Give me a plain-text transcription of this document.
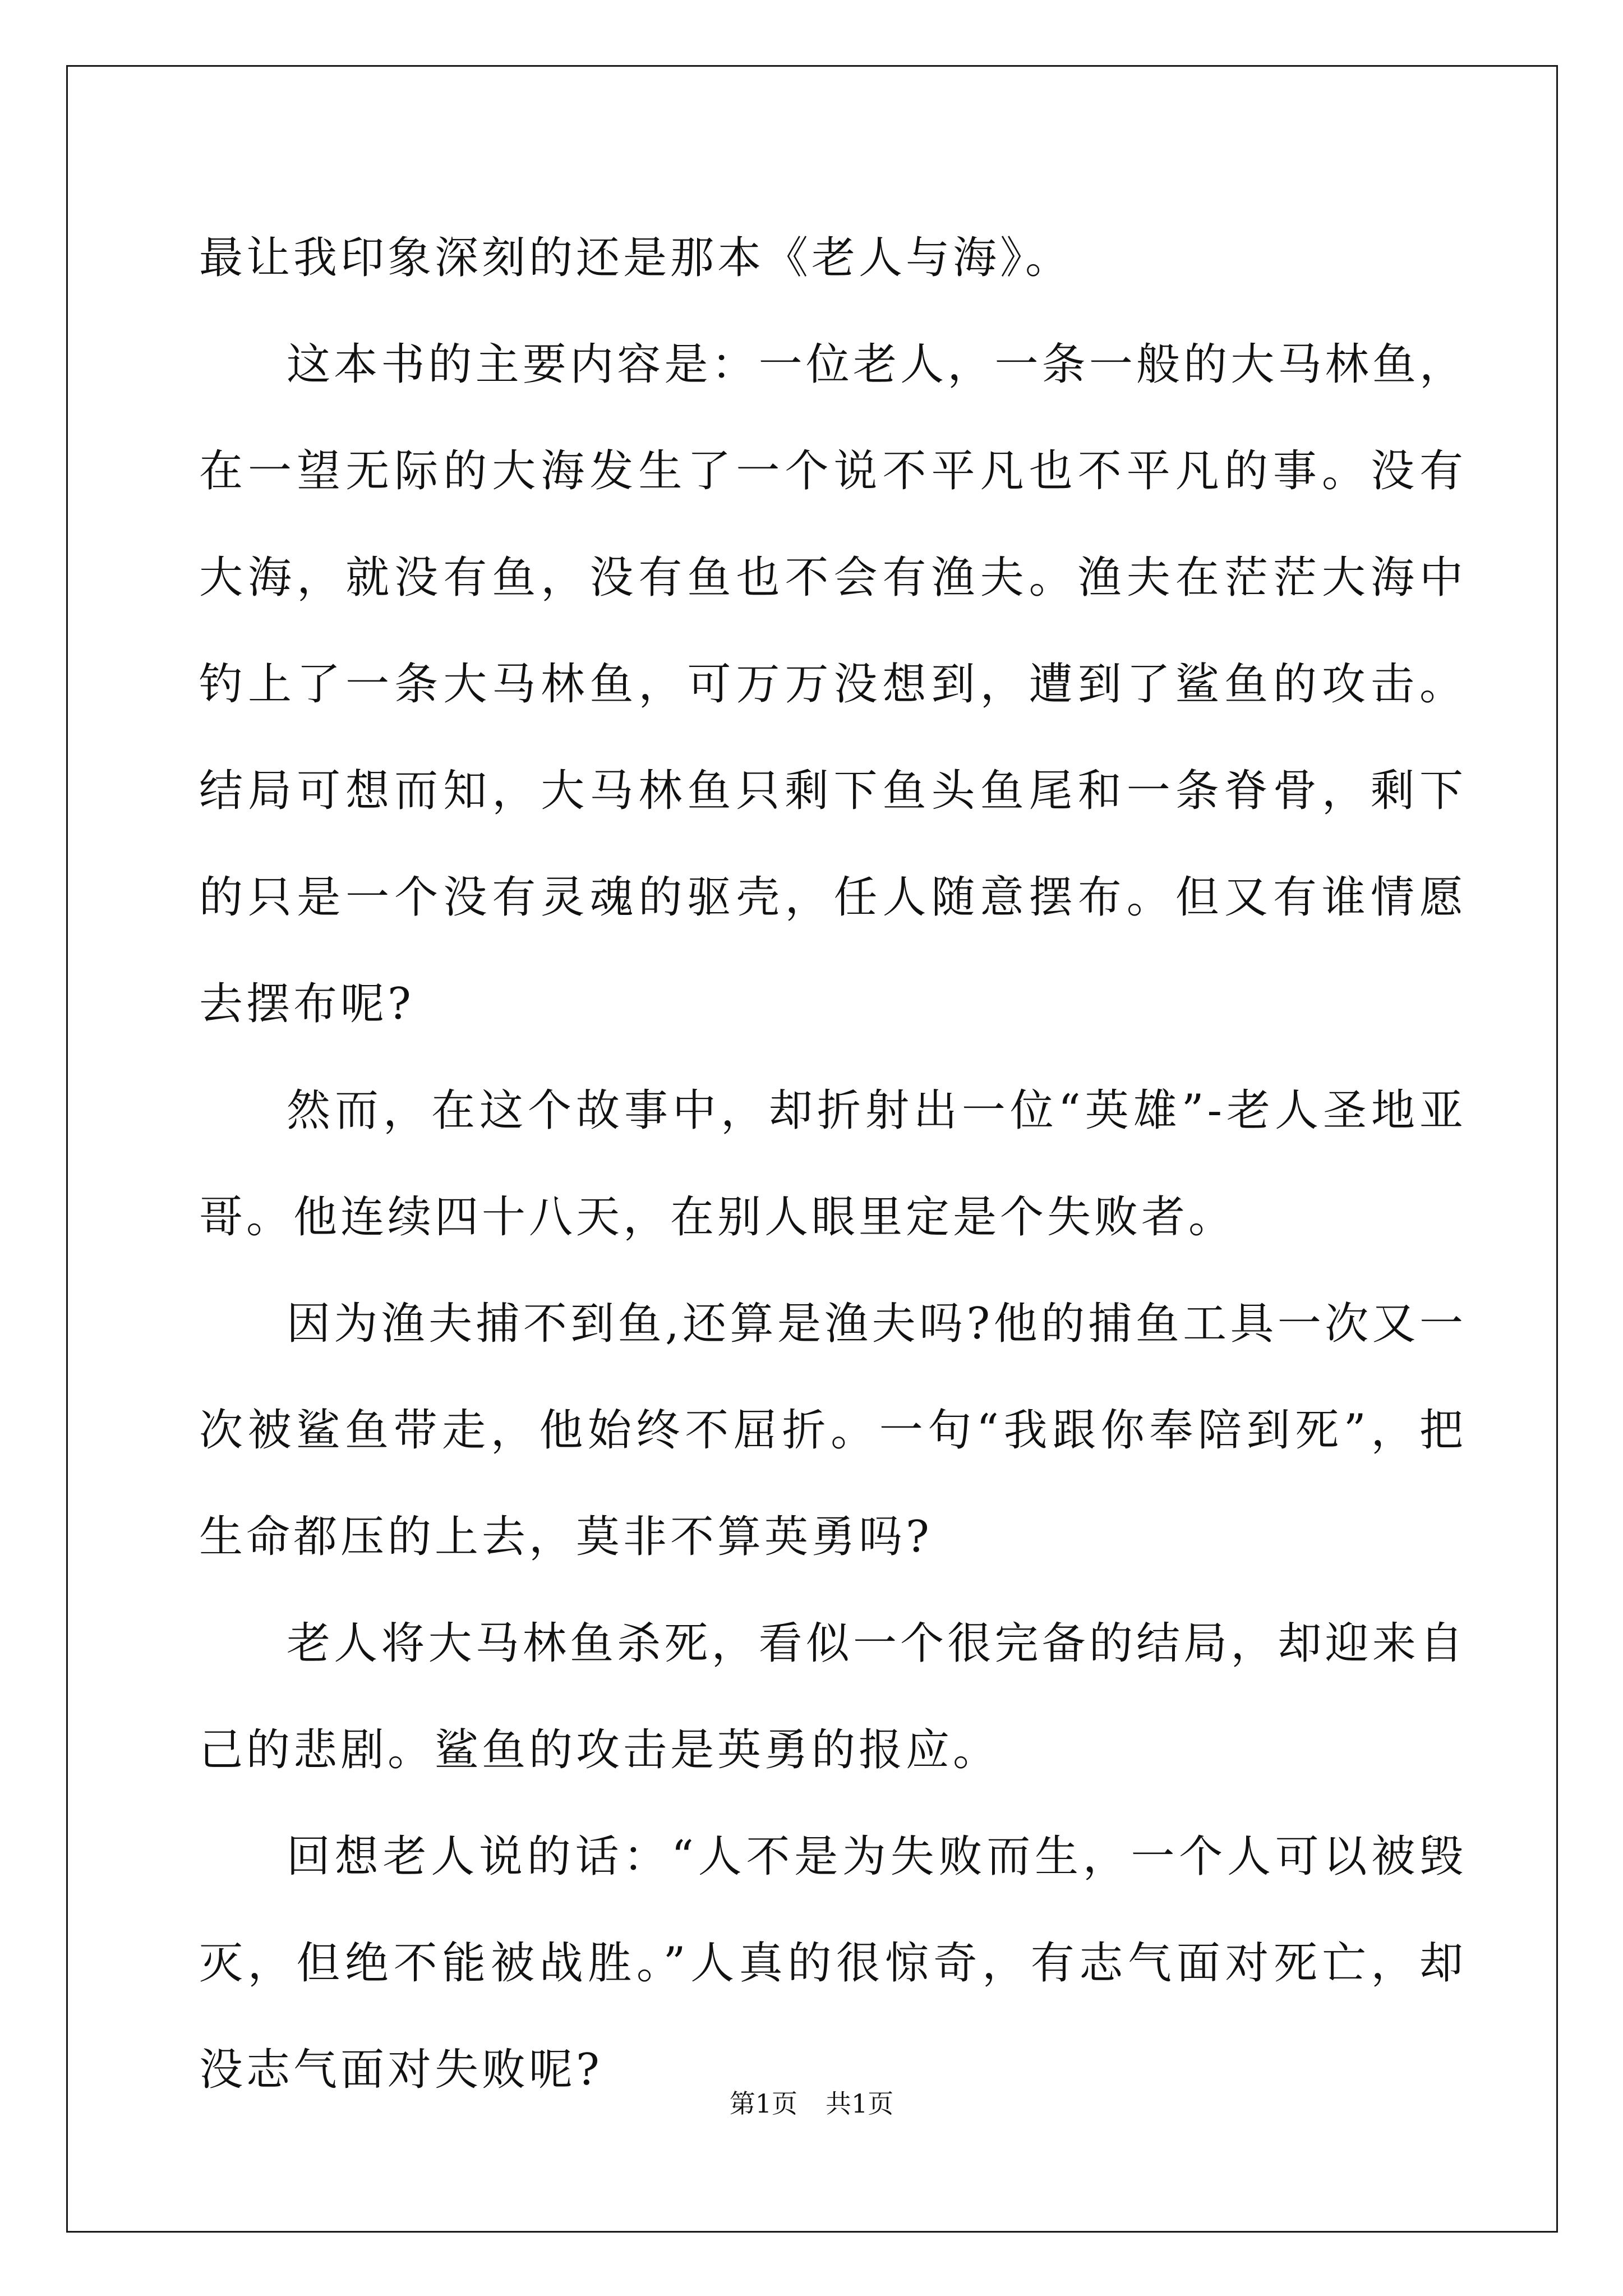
最让我印象深刻的还是那本《老人与海》。

这本书的主要内容是：一位老人，一条一般的大马林鱼，在一望无际的大海发生了一个说不平凡也不平凡的事。没有大海，就没有鱼，没有鱼也不会有渔夫。渔夫在茫茫大海中钓上了一条大马林鱼，可万万没想到，遭到了鲨鱼的攻击。结局可想而知，大马林鱼只剩下鱼头鱼尾和一条脊骨，剩下的只是一个没有灵魂的驱壳，任人随意摆布。但又有谁情愿去摆布呢?

然而，在这个故事中，却折射出一位“英雄”-老人圣地亚哥。他连续四十八天，在别人眼里定是个失败者。

因为渔夫捕不到鱼,还算是渔夫吗?他的捕鱼工具一次又一次被鲨鱼带走，他始终不屈折。一句“我跟你奉陪到死”，把生命都压的上去，莫非不算英勇吗?

老人将大马林鱼杀死，看似一个很完备的结局，却迎来自己的悲剧。鲨鱼的攻击是英勇的报应。

回想老人说的话：“人不是为失败而生，一个人可以被毁灭，但绝不能被战胜。”人真的很惊奇，有志气面对死亡，却没志气面对失败呢?

第1页 共1页
